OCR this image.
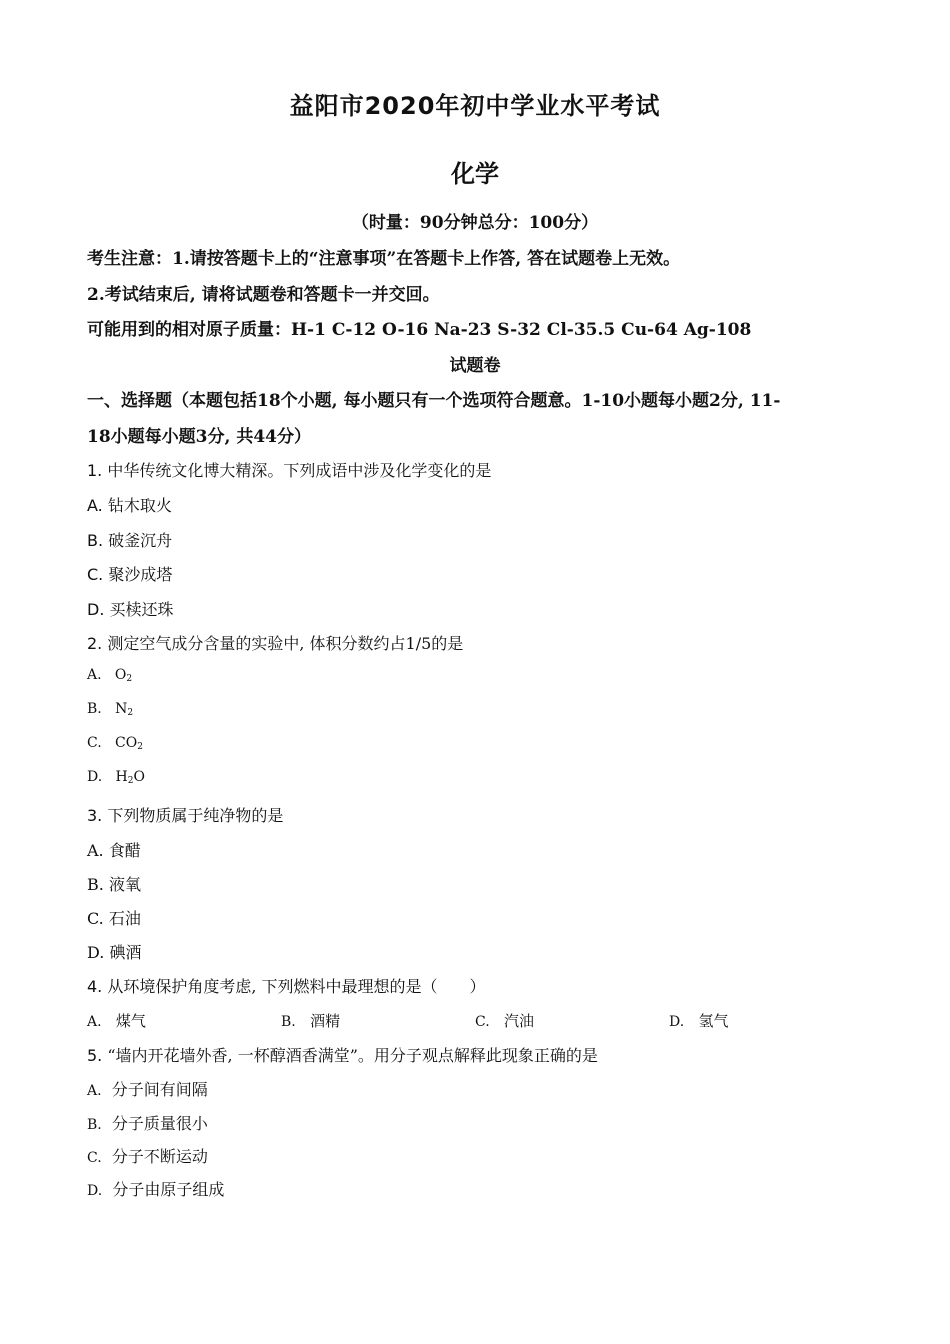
益阳市2020年初中学业水平考试
化学
（时量：90分钟总分：100分）
考生注意：1.请按答题卡上的“注意事项”在答题卡上作答, 答在试题卷上无效。
2.考试结束后, 请将试题卷和答题卡一并交回。
可能用到的相对原子质量：H-1 C-12 O-16 Na-23 S-32 Cl-35.5 Cu-64 Ag-108
试题卷
一、选择题（本题包括18个小题, 每小题只有一个选项符合题意。1-10小题每小题2分, 11-
18小题每小题3分, 共44分）
1. 中华传统文化博大精深。下列成语中涉及化学变化的是
A. 钻木取火
B. 破釜沉舟
C. 聚沙成塔
D. 买椟还珠
2. 测定空气成分含量的实验中, 体积分数约占1/5的是
A. $O_2$
B. $N_2$
C. $CO_2$
D. $H_2O$
3. 下列物质属于纯净物的是
A. 食醋
B. 液氧
C. 石油
D. 碘酒
4. 从环境保护角度考虑, 下列燃料中最理想的是（　　）
A. 煤气	B. 酒精	C. 汽油	D. 氢气
5. “墙内开花墙外香, 一杯醇酒香满堂”。用分子观点解释此现象正确的是
A. 分子间有间隔
B. 分子质量很小
C. 分子不断运动
D. 分子由原子组成
